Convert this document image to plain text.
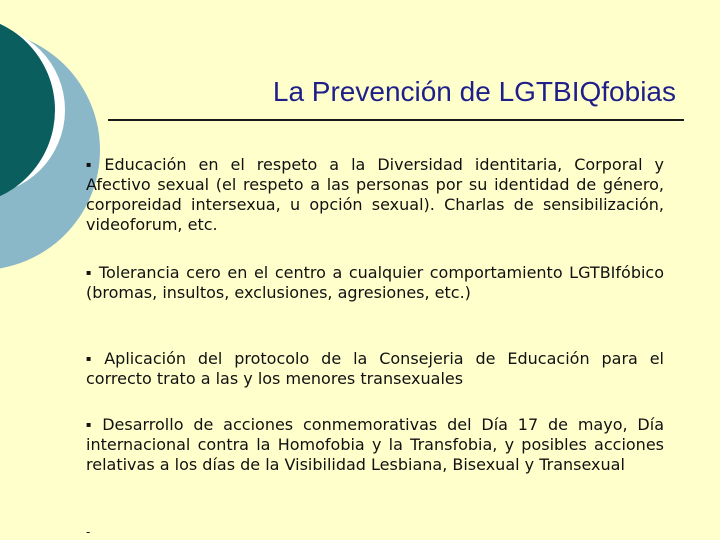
La Prevención de LGTBIQfobias

▪ Educación en el respeto a la Diversidad identitaria, Corporal y Afectivo sexual (el respeto a las personas por su identidad de género, corporeidad intersexua, u opción sexual). Charlas de sensibilización, videoforum, etc.

▪ Tolerancia cero en el centro a cualquier comportamiento LGTBIfóbico (bromas, insultos, exclusiones, agresiones, etc.)

▪ Aplicación del protocolo de la Consejeria de Educación para el correcto trato a las y los menores transexuales

▪ Desarrollo de acciones conmemorativas del Día 17 de mayo, Día internacional contra la Homofobia y la Transfobia, y posibles acciones relativas a los días de la Visibilidad Lesbiana, Bisexual y Transexual

-
